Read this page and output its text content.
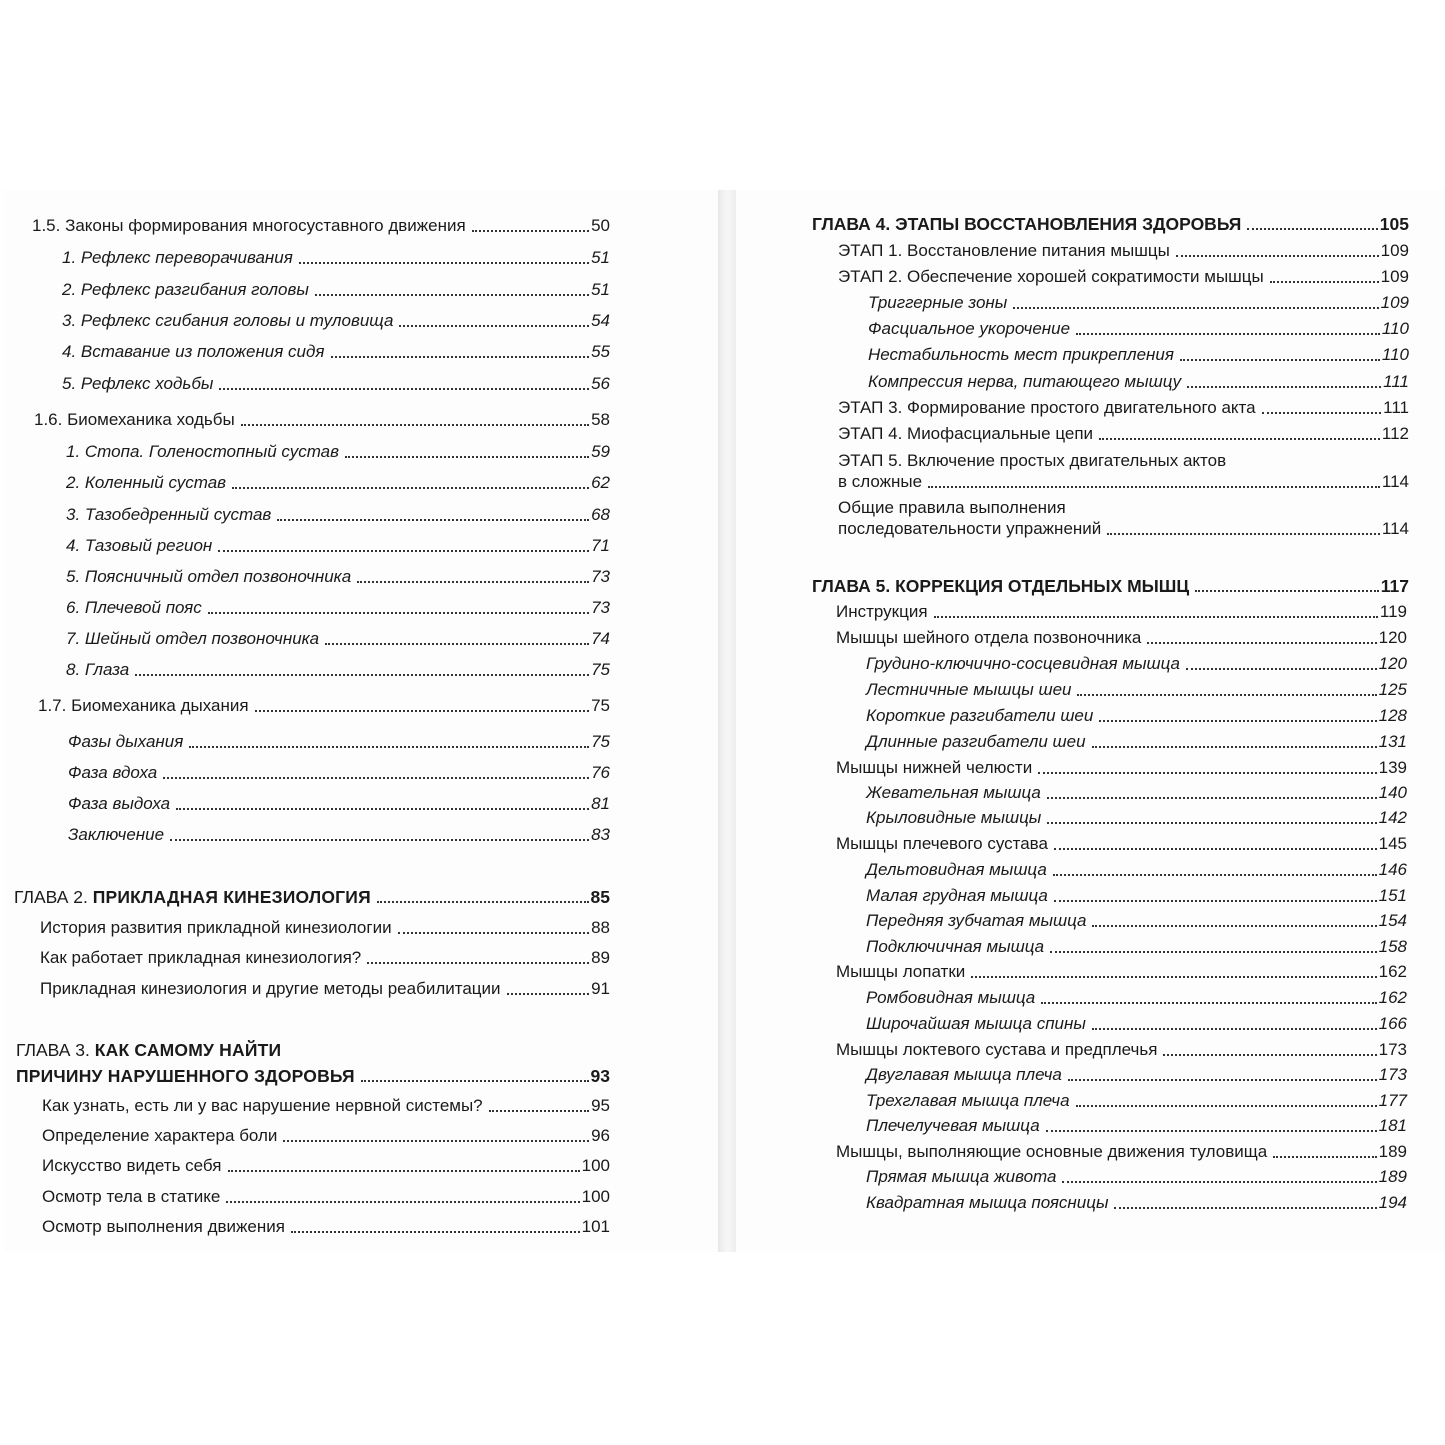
1.5. Законы формирования многосуставного движения	50
1. Рефлекс переворачивания	51
2. Рефлекс разгибания головы	51
3. Рефлекс сгибания головы и туловища	54
4. Вставание из положения сидя	55
5. Рефлекс ходьбы	56
1.6. Биомеханика ходьбы	58
1. Стопа. Голеностопный сустав	59
2. Коленный сустав	62
3. Тазобедренный сустав	68
4. Тазовый регион	71
5. Поясничный отдел позвоночника	73
6. Плечевой пояс	73
7. Шейный отдел позвоночника	74
8. Глаза	75
1.7. Биомеханика дыхания	75
Фазы дыхания	75
Фаза вдоха	76
Фаза выдоха	81
Заключение	83
ГЛАВА 2. ПРИКЛАДНАЯ КИНЕЗИОЛОГИЯ	85
История развития прикладной кинезиологии	88
Как работает прикладная кинезиология?	89
Прикладная кинезиология и другие методы реабилитации	91
ГЛАВА 3. КАК САМОМУ НАЙТИ
ПРИЧИНУ НАРУШЕННОГО ЗДОРОВЬЯ	93
Как узнать, есть ли у вас нарушение нервной системы?	95
Определение характера боли	96
Искусство видеть себя	100
Осмотр тела в статике	100
Осмотр выполнения движения	101
ГЛАВА 4. ЭТАПЫ ВОССТАНОВЛЕНИЯ ЗДОРОВЬЯ	105
ЭТАП 1. Восстановление питания мышцы	109
ЭТАП 2. Обеспечение хорошей сократимости мышцы	109
Триггерные зоны	109
Фасциальное укорочение	110
Нестабильность мест прикрепления	110
Компрессия нерва, питающего мышцу	111
ЭТАП 3. Формирование простого двигательного акта	111
ЭТАП 4. Миофасциальные цепи	112
ЭТАП 5. Включение простых двигательных актов
в сложные	114
Общие правила выполнения
последовательности упражнений	114
ГЛАВА 5. КОРРЕКЦИЯ ОТДЕЛЬНЫХ МЫШЦ	117
Инструкция	119
Мышцы шейного отдела позвоночника	120
Грудино-ключично-сосцевидная мышца	120
Лестничные мышцы шеи	125
Короткие разгибатели шеи	128
Длинные разгибатели шеи	131
Мышцы нижней челюсти	139
Жевательная мышца	140
Крыловидные мышцы	142
Мышцы плечевого сустава	145
Дельтовидная мышца	146
Малая грудная мышца	151
Передняя зубчатая мышца	154
Подключичная мышца	158
Мышцы лопатки	162
Ромбовидная мышца	162
Широчайшая мышца спины	166
Мышцы локтевого сустава и предплечья	173
Двуглавая мышца плеча	173
Трехглавая мышца плеча	177
Плечелучевая мышца	181
Мышцы, выполняющие основные движения туловища	189
Прямая мышца живота	189
Квадратная мышца поясницы	194
